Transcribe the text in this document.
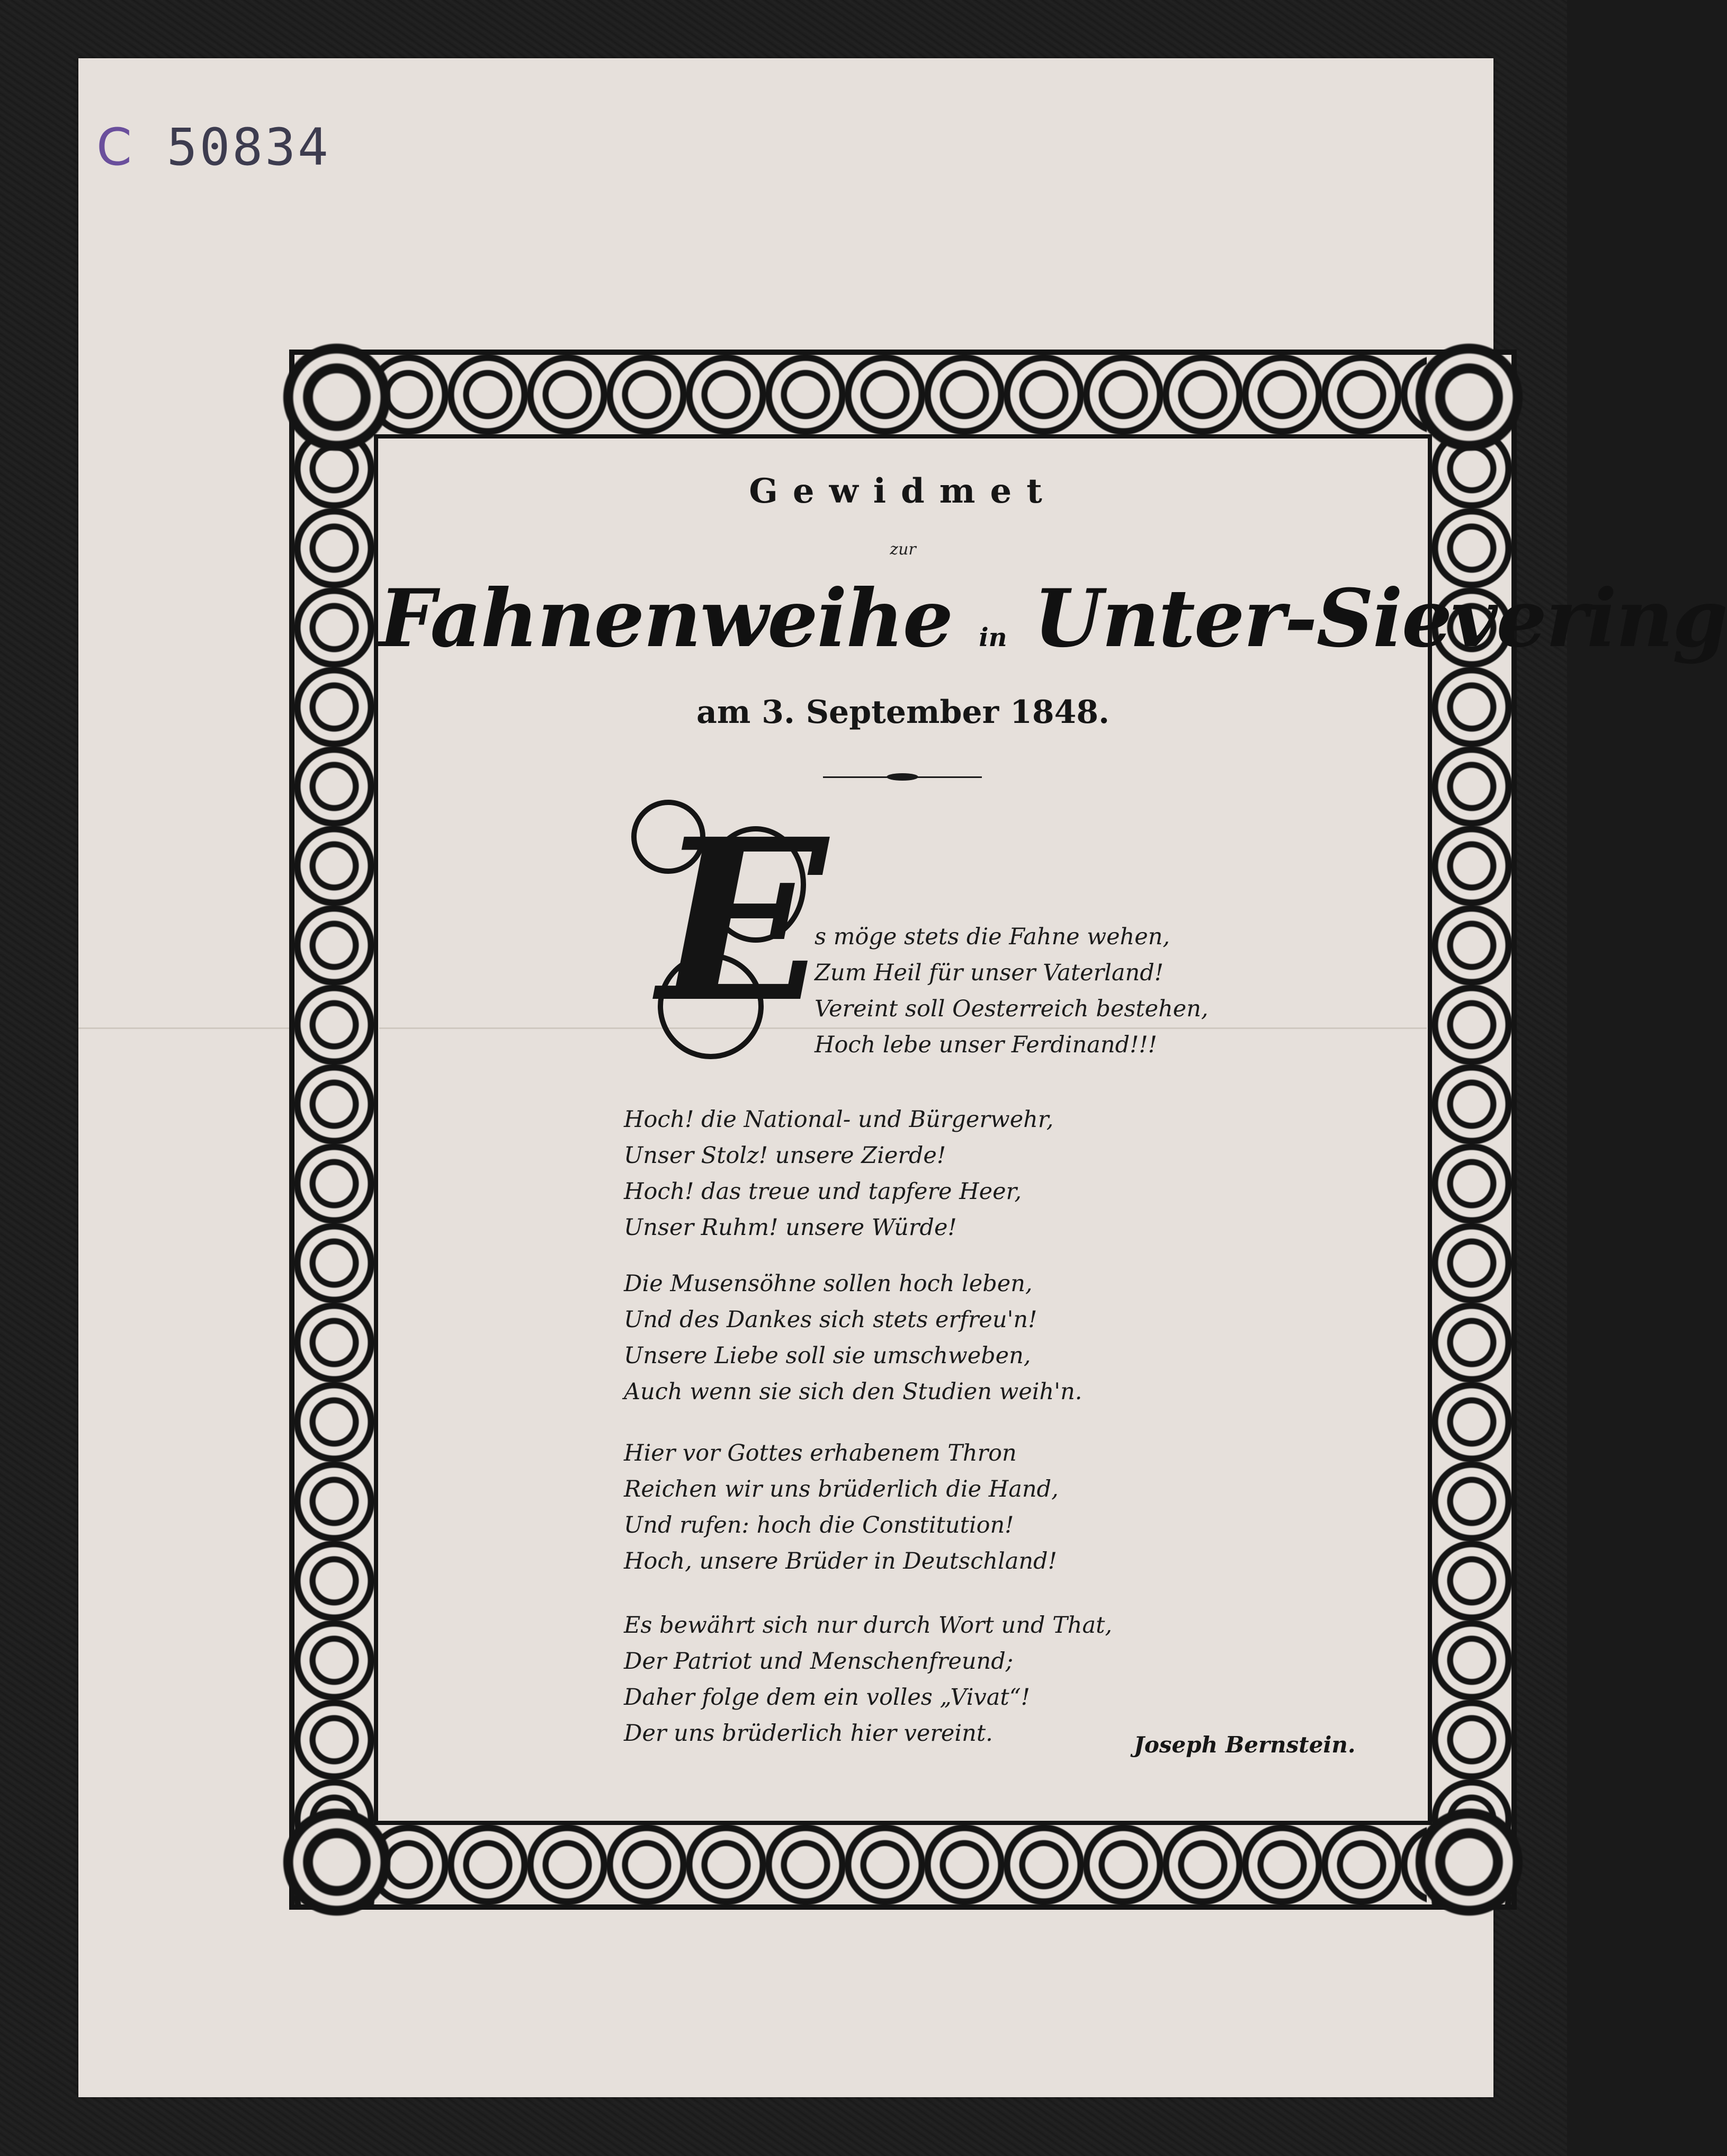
C 50834
Gewidmet
zur
Fahnenweihe in Unter-Sievering
am 3. September 1848.
E
s möge stets die Fahne wehen,
Zum Heil für unser Vaterland!
Vereint soll Oesterreich bestehen,
Hoch lebe unser Ferdinand!!!
Hoch! die National- und Bürgerwehr,
Unser Stolz! unsere Zierde!
Hoch! das treue und tapfere Heer,
Unser Ruhm! unsere Würde!
Die Musensöhne sollen hoch leben,
Und des Dankes sich stets erfreu'n!
Unsere Liebe soll sie umschweben,
Auch wenn sie sich den Studien weih'n.
Hier vor Gottes erhabenem Thron
Reichen wir uns brüderlich die Hand,
Und rufen: hoch die Constitution!
Hoch, unsere Brüder in Deutschland!
Es bewährt sich nur durch Wort und That,
Der Patriot und Menschenfreund;
Daher folge dem ein volles „Vivat“!
Der uns brüderlich hier vereint.	Joseph Bernstein.
